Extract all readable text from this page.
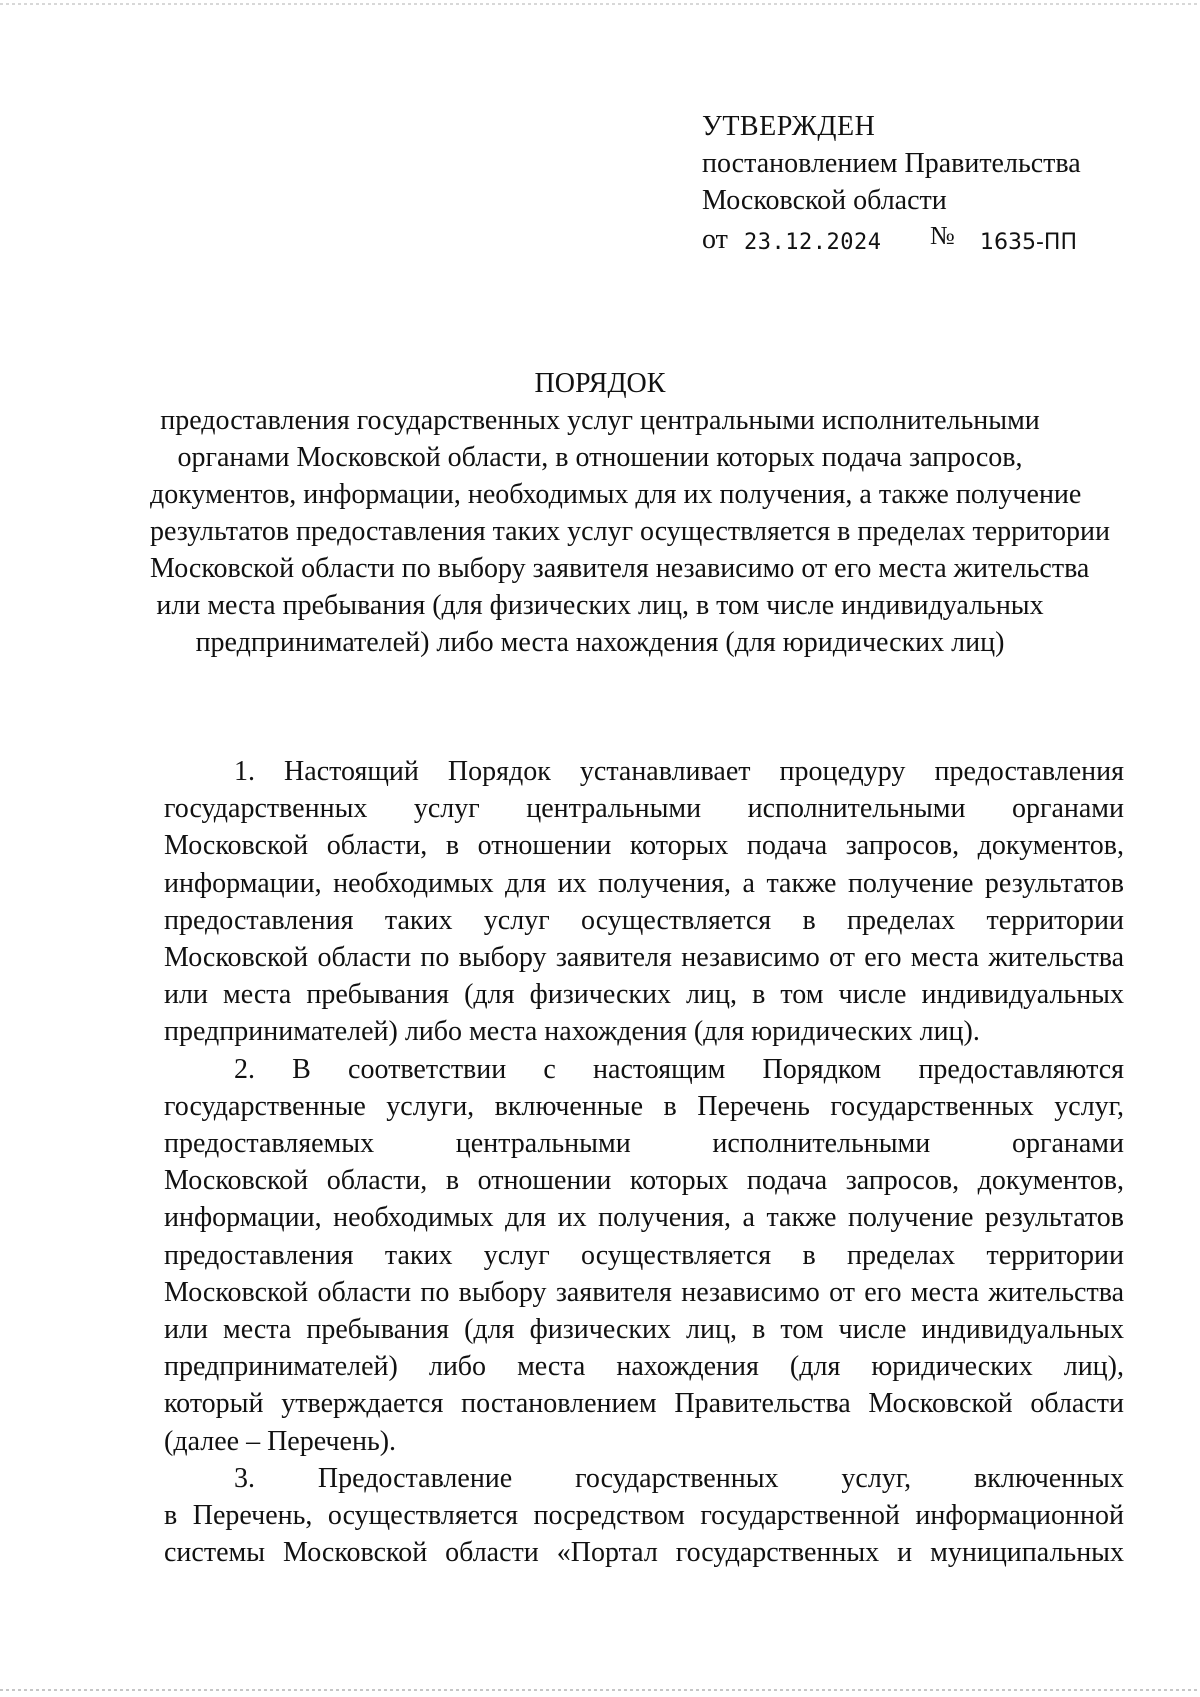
УТВЕРЖДЕН
постановлением Правительства
Московской области
от 23.12.2024 № 1635-ПП
ПОРЯДОК
предоставления государственных услуг центральными исполнительными
органами Московской области, в отношении которых подача запросов,
документов, информации, необходимых для их получения, а также получение
результатов предоставления таких услуг осуществляется в пределах территории
Московской области по выбору заявителя независимо от его места жительства
или места пребывания (для физических лиц, в том числе индивидуальных
предпринимателей) либо места нахождения (для юридических лиц)

1. Настоящий Порядок устанавливает процедуру предоставления
государственных услуг центральными исполнительными органами
Московской области, в отношении которых подача запросов, документов,
информации, необходимых для их получения, а также получение результатов
предоставления таких услуг осуществляется в пределах территории
Московской области по выбору заявителя независимо от его места жительства
или места пребывания (для физических лиц, в том числе индивидуальных
предпринимателей) либо места нахождения (для юридических лиц).

2. В соответствии с настоящим Порядком предоставляются
государственные услуги, включенные в Перечень государственных услуг,
предоставляемых центральными исполнительными органами
Московской области, в отношении которых подача запросов, документов,
информации, необходимых для их получения, а также получение результатов
предоставления таких услуг осуществляется в пределах территории
Московской области по выбору заявителя независимо от его места жительства
или места пребывания (для физических лиц, в том числе индивидуальных
предпринимателей) либо места нахождения (для юридических лиц),
который утверждается постановлением Правительства Московской области
(далее – Перечень).

3. Предоставление государственных услуг, включенных
в Перечень, осуществляется посредством государственной информационной
системы Московской области «Портал государственных и муниципальных
